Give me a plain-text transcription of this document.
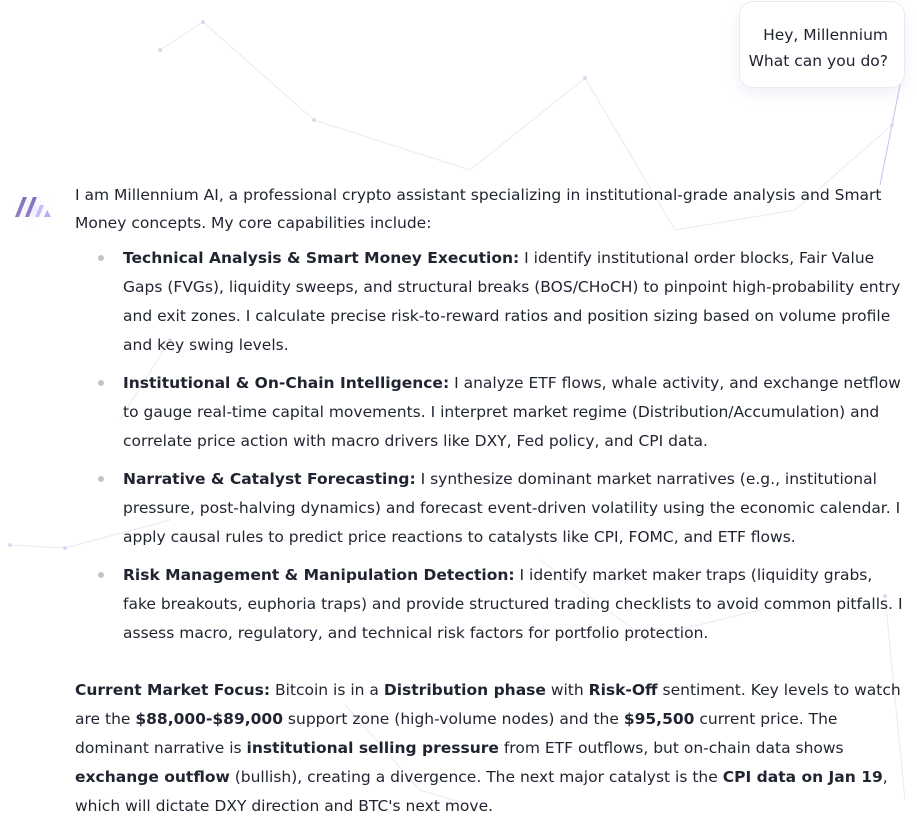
Hey, Millennium
What can you do?

I am Millennium AI, a professional crypto assistant specializing in institutional-grade analysis and Smart Money concepts. My core capabilities include:

Technical Analysis & Smart Money Execution: I identify institutional order blocks, Fair Value Gaps (FVGs), liquidity sweeps, and structural breaks (BOS/CHoCH) to pinpoint high-probability entry and exit zones. I calculate precise risk-to-reward ratios and position sizing based on volume profile and key swing levels.
Institutional & On-Chain Intelligence: I analyze ETF flows, whale activity, and exchange netflow to gauge real-time capital movements. I interpret market regime (Distribution/Accumulation) and correlate price action with macro drivers like DXY, Fed policy, and CPI data.
Narrative & Catalyst Forecasting: I synthesize dominant market narratives (e.g., institutional pressure, post-halving dynamics) and forecast event-driven volatility using the economic calendar. I apply causal rules to predict price reactions to catalysts like CPI, FOMC, and ETF flows.
Risk Management & Manipulation Detection: I identify market maker traps (liquidity grabs, fake breakouts, euphoria traps) and provide structured trading checklists to avoid common pitfalls. I assess macro, regulatory, and technical risk factors for portfolio protection.

Current Market Focus: Bitcoin is in a Distribution phase with Risk-Off sentiment. Key levels to watch are the $88,000-$89,000 support zone (high-volume nodes) and the $95,500 current price. The dominant narrative is institutional selling pressure from ETF outflows, but on-chain data shows exchange outflow (bullish), creating a divergence. The next major catalyst is the CPI data on Jan 19, which will dictate DXY direction and BTC's next move.
